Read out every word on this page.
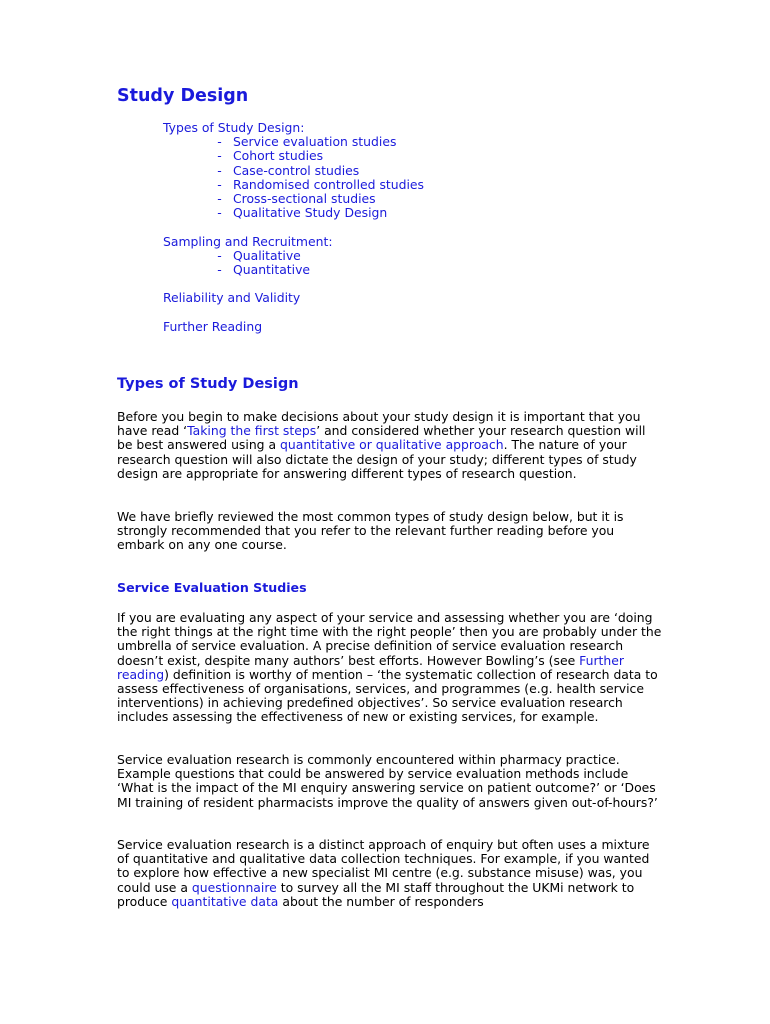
Study Design
Types of Study Design:
- Service evaluation studies
- Cohort studies
- Case-control studies
- Randomised controlled studies
- Cross-sectional studies
- Qualitative Study Design
Sampling and Recruitment:
- Qualitative
- Quantitative
Reliability and Validity
Further Reading
Types of Study Design

Before you begin to make decisions about your study design it is important that you have read ‘Taking the first steps’ and considered whether your research question will be best answered using a quantitative or qualitative approach. The nature of your research question will also dictate the design of your study; different types of study design are appropriate for answering different types of research question.

We have briefly reviewed the most common types of study design below, but it is strongly recommended that you refer to the relevant further reading before you embark on any one course.

Service Evaluation Studies

If you are evaluating any aspect of your service and assessing whether you are ‘doing the right things at the right time with the right people’ then you are probably under the umbrella of service evaluation. A precise definition of service evaluation research doesn’t exist, despite many authors’ best efforts. However Bowling’s (see Further reading) definition is worthy of mention – ‘the systematic collection of research data to assess effectiveness of organisations, services, and programmes (e.g. health service interventions) in achieving predefined objectives’. So service evaluation research includes assessing the effectiveness of new or existing services, for example.

Service evaluation research is commonly encountered within pharmacy practice. Example questions that could be answered by service evaluation methods include ‘What is the impact of the MI enquiry answering service on patient outcome?’ or ‘Does MI training of resident pharmacists improve the quality of answers given out-of-hours?’

Service evaluation research is a distinct approach of enquiry but often uses a mixture of quantitative and qualitative data collection techniques. For example, if you wanted to explore how effective a new specialist MI centre (e.g. substance misuse) was, you could use a questionnaire to survey all the MI staff throughout the UKMi network to produce quantitative data about the number of responders
